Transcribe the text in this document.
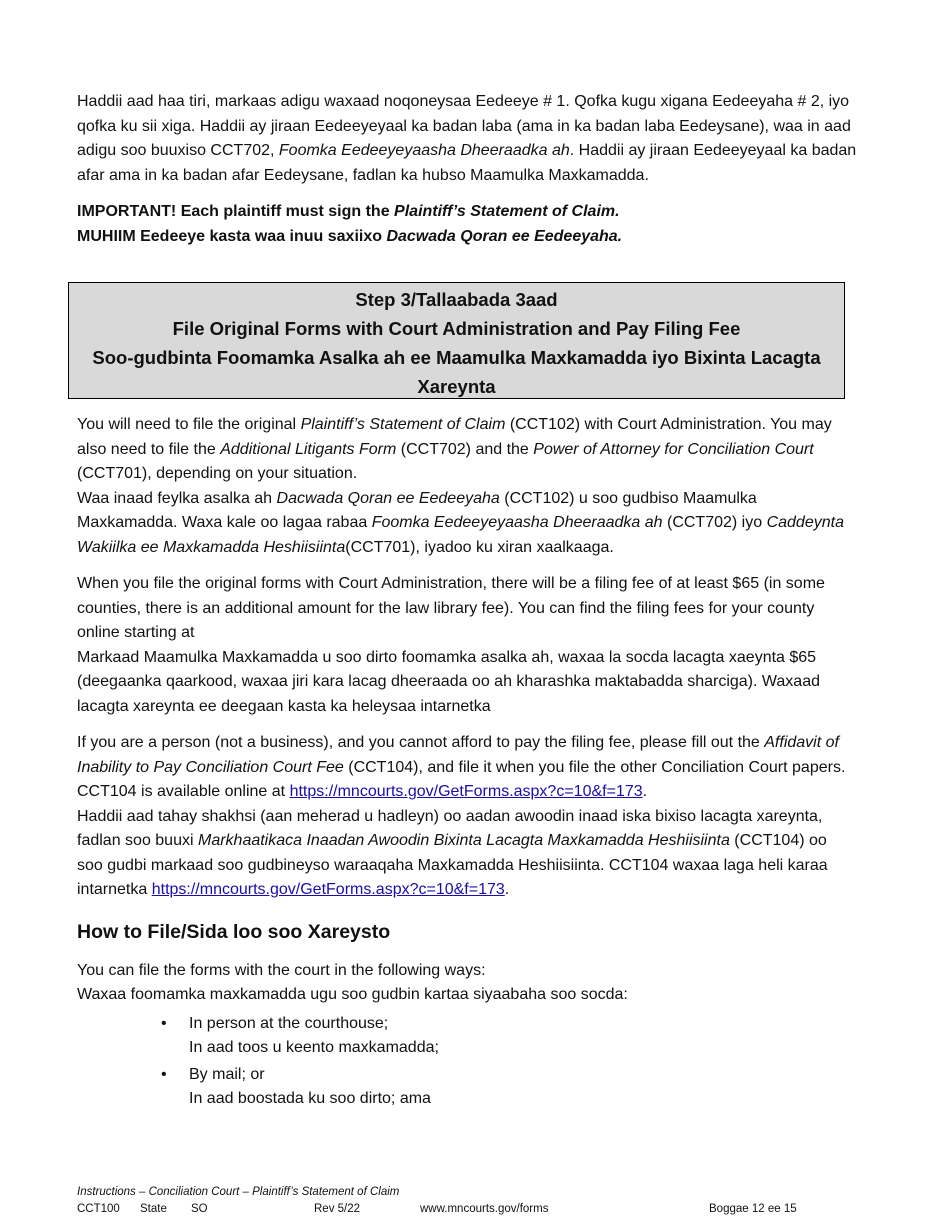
Haddii aad haa tiri, markaas adigu waxaad noqoneysaa Eedeeye # 1. Qofka kugu xigana Eedeeyaha # 2, iyo qofka ku sii xiga. Haddii ay jiraan Eedeeyeyaal ka badan laba (ama in ka badan laba Eedeysane), waa in aad adigu soo buuxiso CCT702, Foomka Eedeeyeyaasha Dheeraadka ah. Haddii ay jiraan Eedeeyeyaal ka badan afar ama in ka badan afar Eedeysane, fadlan ka hubso Maamulka Maxkamadda.

IMPORTANT! Each plaintiff must sign the Plaintiff’s Statement of Claim.
MUHIIM Eedeeye kasta waa inuu saxiixo Dacwada Qoran ee Eedeeyaha.

Step 3/Tallaabada 3aad
File Original Forms with Court Administration and Pay Filing Fee
Soo-gudbinta Foomamka Asalka ah ee Maamulka Maxkamadda iyo Bixinta Lacagta Xareynta

You will need to file the original Plaintiff’s Statement of Claim (CCT102) with Court Administration. You may also need to file the Additional Litigants Form (CCT702) and the Power of Attorney for Conciliation Court (CCT701), depending on your situation.

Waa inaad feylka asalka ah Dacwada Qoran ee Eedeeyaha (CCT102) u soo gudbiso Maamulka Maxkamadda. Waxa kale oo lagaa rabaa Foomka Eedeeyeyaasha Dheeraadka ah (CCT702) iyo Caddeynta Wakiilka ee Maxkamadda Heshiisiinta(CCT701), iyadoo ku xiran xaalkaaga.

When you file the original forms with Court Administration, there will be a filing fee of at least $65 (in some counties, there is an additional amount for the law library fee). You can find the filing fees for your county online starting at

Markaad Maamulka Maxkamadda u soo dirto foomamka asalka ah, waxaa la socda lacagta xaeynta $65 (deegaanka qaarkood, waxaa jiri kara lacag dheeraada oo ah kharashka maktabadda sharciga). Waxaad lacagta xareynta ee deegaan kasta ka heleysaa intarnetka

If you are a person (not a business), and you cannot afford to pay the filing fee, please fill out the Affidavit of Inability to Pay Conciliation Court Fee (CCT104), and file it when you file the other Conciliation Court papers. CCT104 is available online at https://mncourts.gov/GetForms.aspx?c=10&f=173.

Haddii aad tahay shakhsi (aan meherad u hadleyn) oo aadan awoodin inaad iska bixiso lacagta xareynta, fadlan soo buuxi Markhaatikaca Inaadan Awoodin Bixinta Lacagta Maxkamadda Heshiisiinta (CCT104) oo soo gudbi markaad soo gudbineyso waraaqaha Maxkamadda Heshiisiinta. CCT104 waxaa laga heli karaa intarnetka https://mncourts.gov/GetForms.aspx?c=10&f=173.

How to File/Sida loo soo Xareysto

You can file the forms with the court in the following ways:

Waxaa foomamka maxkamadda ugu soo gudbin kartaa siyaabaha soo socda:

• In person at the courthouse;
In aad toos u keento maxkamadda;
• By mail; or
In aad boostada ku soo dirto; ama
Instructions – Conciliation Court – Plaintiff’s Statement of Claim
CCT100 State SO	Rev 5/22	www.mncourts.gov/forms	Boggae 12 ee 15
